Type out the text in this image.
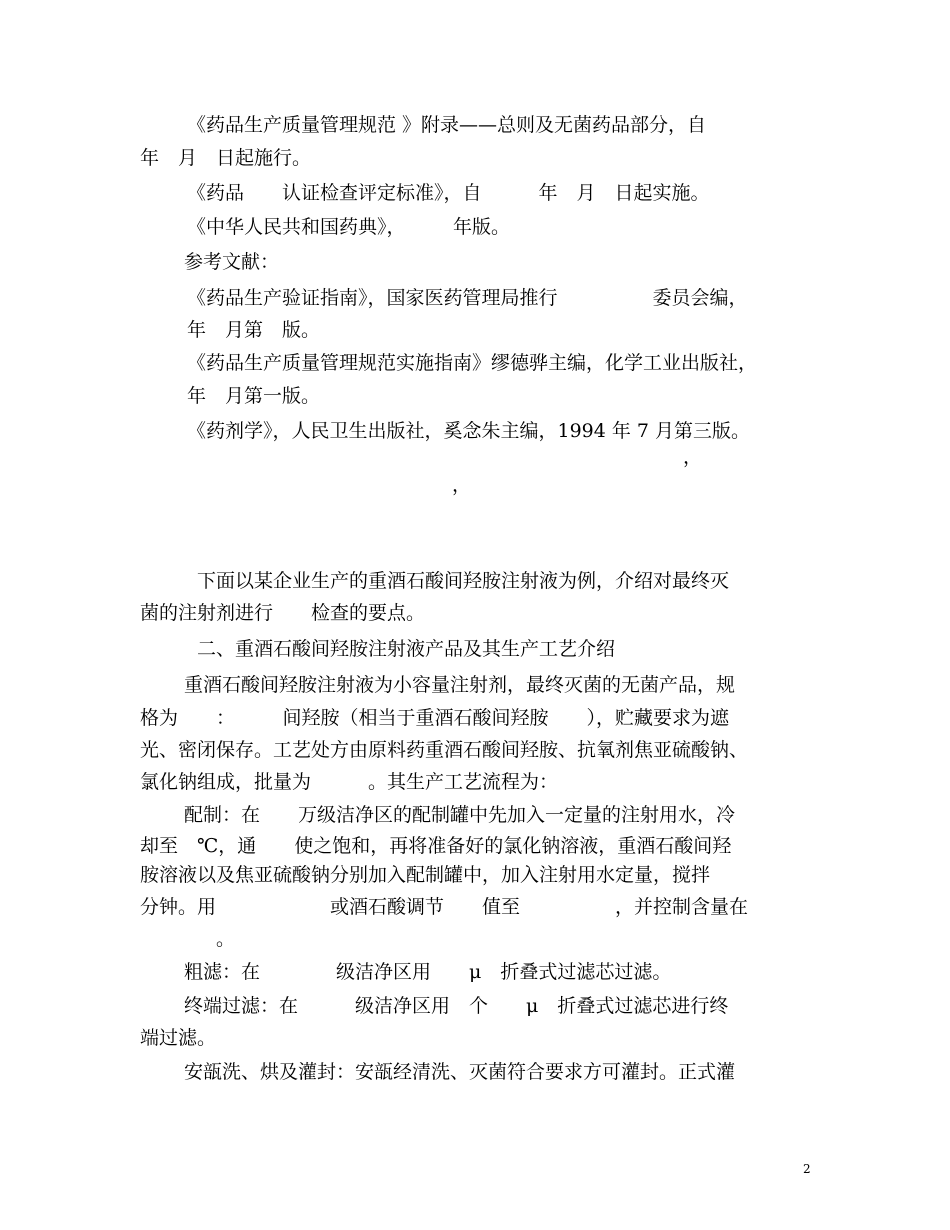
《药品生产质量管理规范 》附录——总则及无菌药品部分，自
年　月　日起施行。
《药品　　认证检查评定标准》，自　　　年　月　日起实施。
《中华人民共和国药典》，　　　年版。
参考文献：
《药品生产验证指南》，国家医药管理局推行　　　　　委员会编，
年　月第　版。
《药品生产质量管理规范实施指南》缪德骅主编，化学工业出版社，
年　月第一版。
《药剂学》，人民卫生出版社，奚念朱主编，1994 年 7 月第三版。
，
，
下面以某企业生产的重酒石酸间羟胺注射液为例，介绍对最终灭
菌的注射剂进行　　检查的要点。
二、重酒石酸间羟胺注射液产品及其生产工艺介绍
重酒石酸间羟胺注射液为小容量注射剂，最终灭菌的无菌产品，规
格为　　：　　　间羟胺（相当于重酒石酸间羟胺　　），贮藏要求为遮
光、密闭保存。工艺处方由原料药重酒石酸间羟胺、抗氧剂焦亚硫酸钠、
氯化钠组成，批量为　　　。其生产工艺流程为：
配制：在　　万级洁净区的配制罐中先加入一定量的注射用水，冷
却至　℃，通　　使之饱和，再将准备好的氯化钠溶液，重酒石酸间羟
胺溶液以及焦亚硫酸钠分别加入配制罐中，加入注射用水定量，搅拌
分钟。用　　　　　　或酒石酸调节　　值至　　　　　，并控制含量在
。
粗滤：在　　　　级洁净区用　　μ　折叠式过滤芯过滤。
终端过滤：在　　　级洁净区用　个　　μ　折叠式过滤芯进行终
端过滤。
安瓿洗、烘及灌封：安瓿经清洗、灭菌符合要求方可灌封。正式灌
2
